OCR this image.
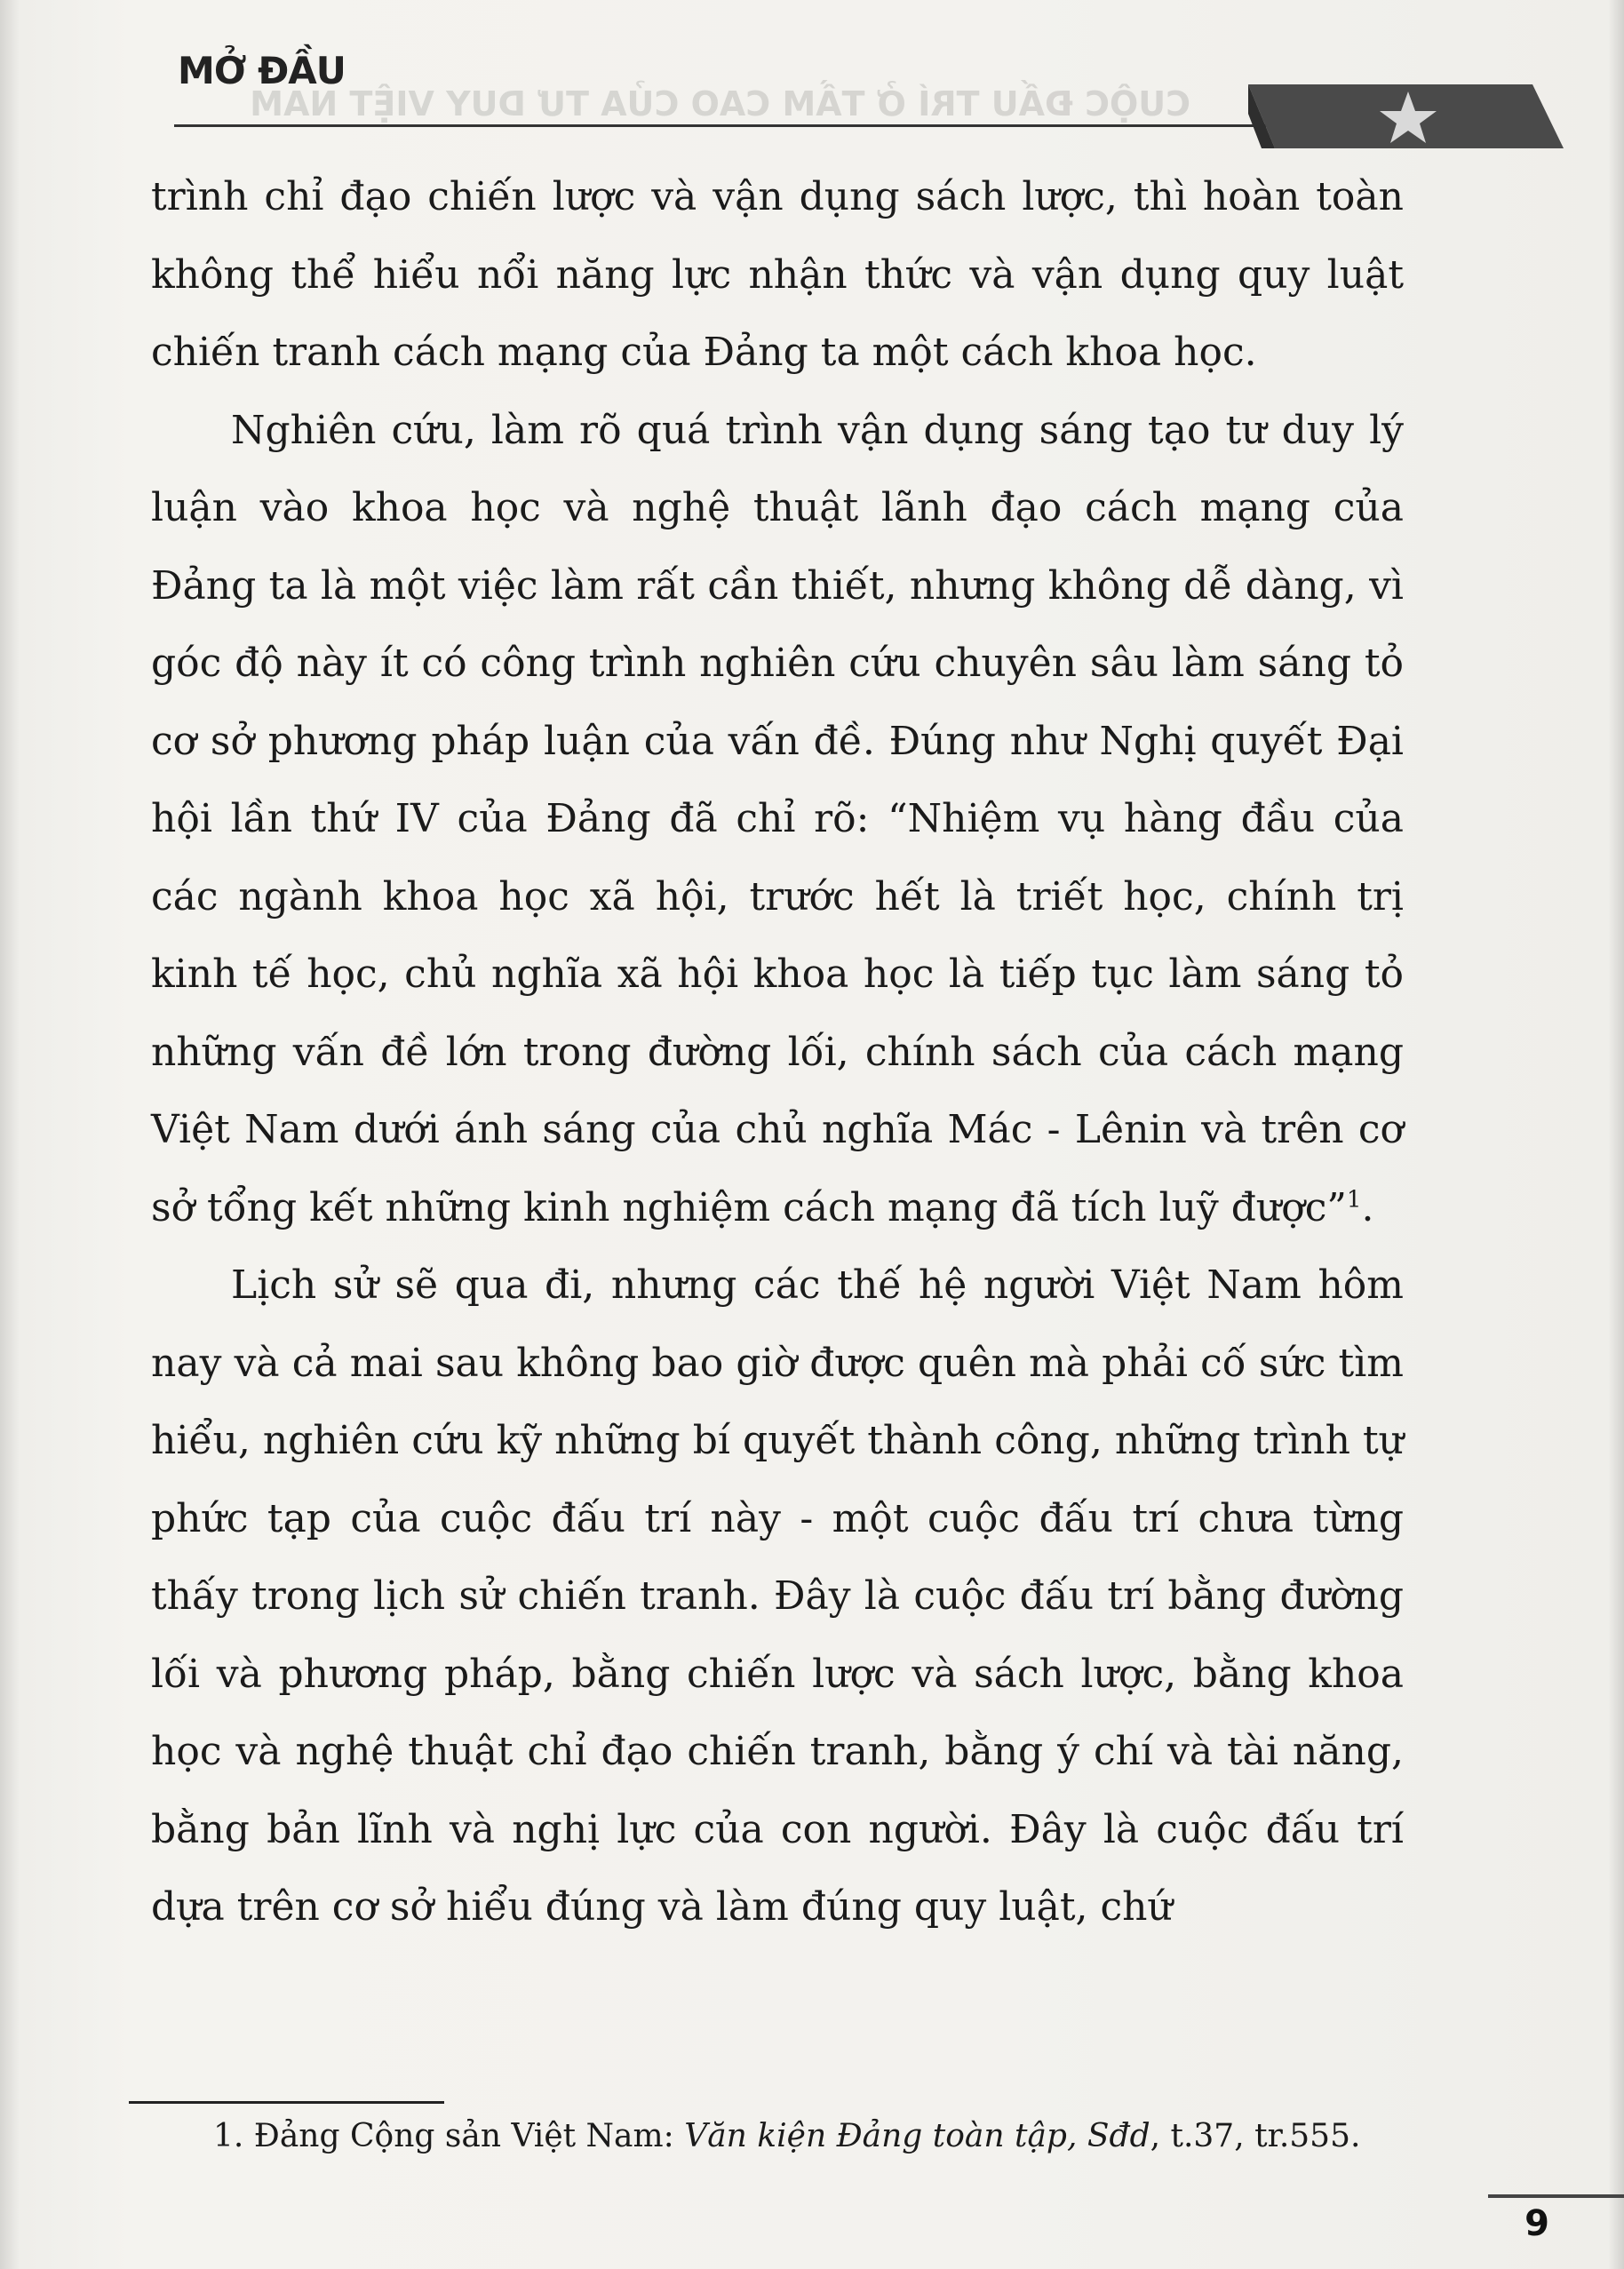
MỞ ĐẦU
CUỘC ĐẤU TRÍ Ở TẦM CAO CỦA TƯ DUY VIỆT NAM

trình chỉ đạo chiến lược và vận dụng sách lược, thì hoàn toàn không thể hiểu nổi năng lực nhận thức và vận dụng quy luật chiến tranh cách mạng của Đảng ta một cách khoa học.

Nghiên cứu, làm rõ quá trình vận dụng sáng tạo tư duy lý luận vào khoa học và nghệ thuật lãnh đạo cách mạng của Đảng ta là một việc làm rất cần thiết, nhưng không dễ dàng, vì góc độ này ít có công trình nghiên cứu chuyên sâu làm sáng tỏ cơ sở phương pháp luận của vấn đề. Đúng như Nghị quyết Đại hội lần thứ IV của Đảng đã chỉ rõ: “Nhiệm vụ hàng đầu của các ngành khoa học xã hội, trước hết là triết học, chính trị kinh tế học, chủ nghĩa xã hội khoa học là tiếp tục làm sáng tỏ những vấn đề lớn trong đường lối, chính sách của cách mạng Việt Nam dưới ánh sáng của chủ nghĩa Mác - Lênin và trên cơ sở tổng kết những kinh nghiệm cách mạng đã tích luỹ được”$^1$.

Lịch sử sẽ qua đi, nhưng các thế hệ người Việt Nam hôm nay và cả mai sau không bao giờ được quên mà phải cố sức tìm hiểu, nghiên cứu kỹ những bí quyết thành công, những trình tự phức tạp của cuộc đấu trí này - một cuộc đấu trí chưa từng thấy trong lịch sử chiến tranh. Đây là cuộc đấu trí bằng đường lối và phương pháp, bằng chiến lược và sách lược, bằng khoa học và nghệ thuật chỉ đạo chiến tranh, bằng ý chí và tài năng, bằng bản lĩnh và nghị lực của con người. Đây là cuộc đấu trí dựa trên cơ sở hiểu đúng và làm đúng quy luật, chứ

1. Đảng Cộng sản Việt Nam: Văn kiện Đảng toàn tập, Sđd, t.37, tr.555.
9
